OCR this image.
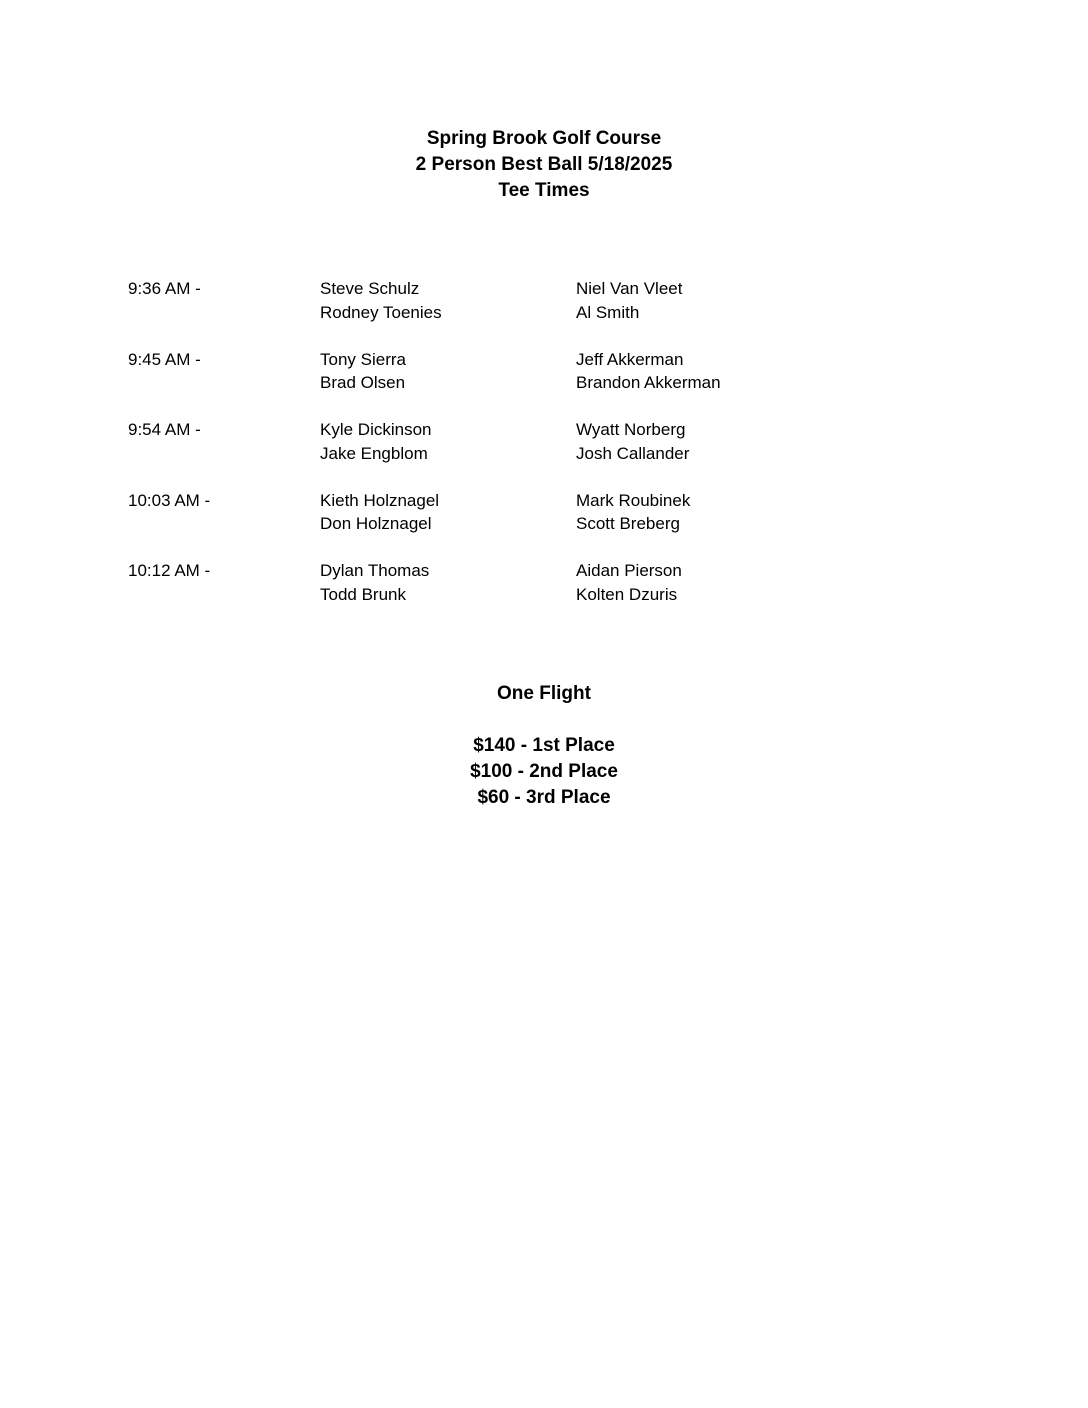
Spring Brook Golf Course
2 Person Best Ball 5/18/2025
Tee Times
9:36 AM -	Steve Schulz	Niel Van Vleet
Rodney Toenies	Al Smith
9:45 AM -	Tony Sierra	Jeff Akkerman
Brad Olsen	Brandon Akkerman
9:54 AM -	Kyle Dickinson	Wyatt Norberg
Jake Engblom	Josh Callander
10:03 AM -	Kieth Holznagel	Mark Roubinek
Don Holznagel	Scott Breberg
10:12 AM -	Dylan Thomas	Aidan Pierson
Todd Brunk	Kolten Dzuris
One Flight
$140 - 1st Place
$100 - 2nd Place
$60 - 3rd Place
